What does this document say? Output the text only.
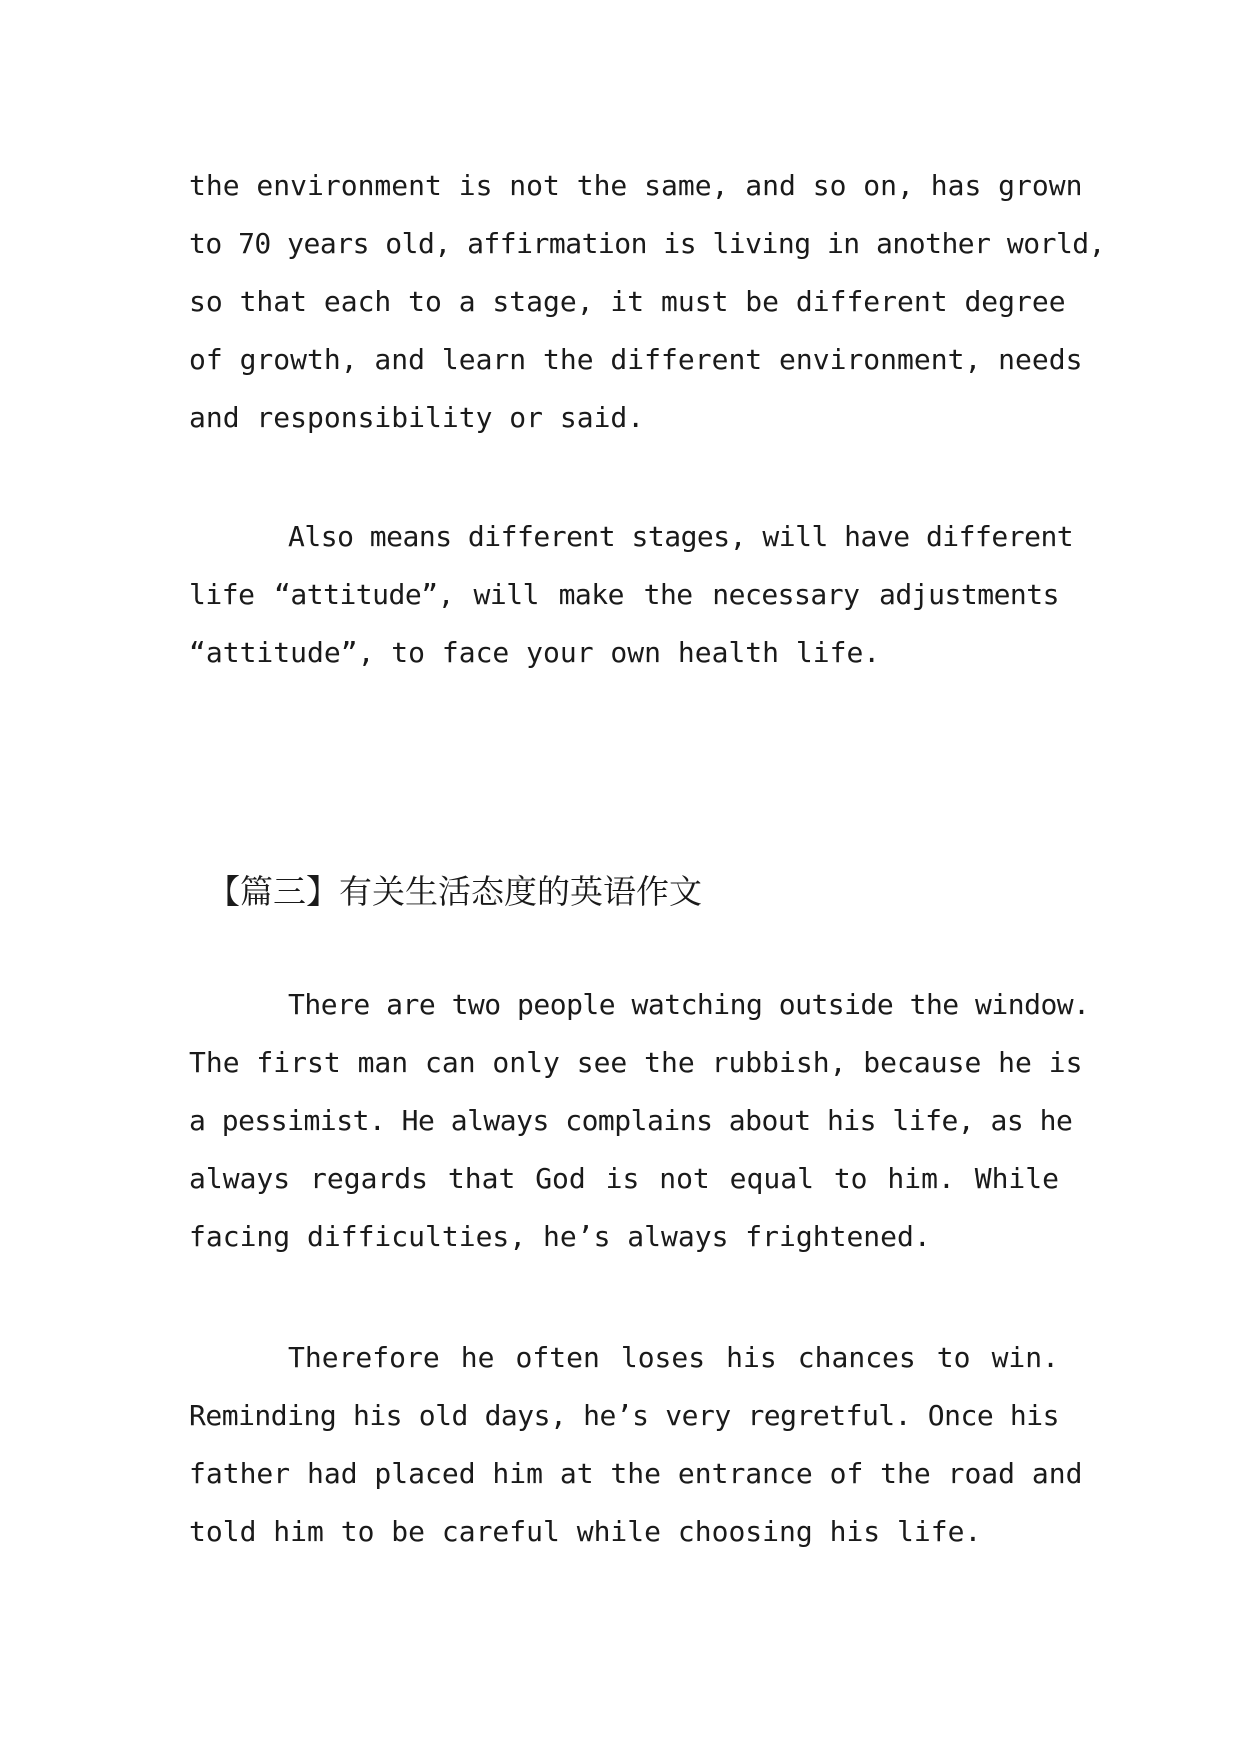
the environment is not the same, and so on, has grown
to 70 years old, affirmation is living in another world,
so that each to a stage, it must be different degree
of growth, and learn the different environment, needs
and responsibility or said.
Also means different stages, will have different
life “attitude”, will make the necessary adjustments
“attitude”, to face your own health life.
【篇三】有关生活态度的英语作文
There are two people watching outside the window.
The first man can only see the rubbish, because he is
a pessimist. He always complains about his life, as he
always regards that God is not equal to him. While
facing difficulties, he’s always frightened.
Therefore he often loses his chances to win.
Reminding his old days, he’s very regretful. Once his
father had placed him at the entrance of the road and
told him to be careful while choosing his life.
